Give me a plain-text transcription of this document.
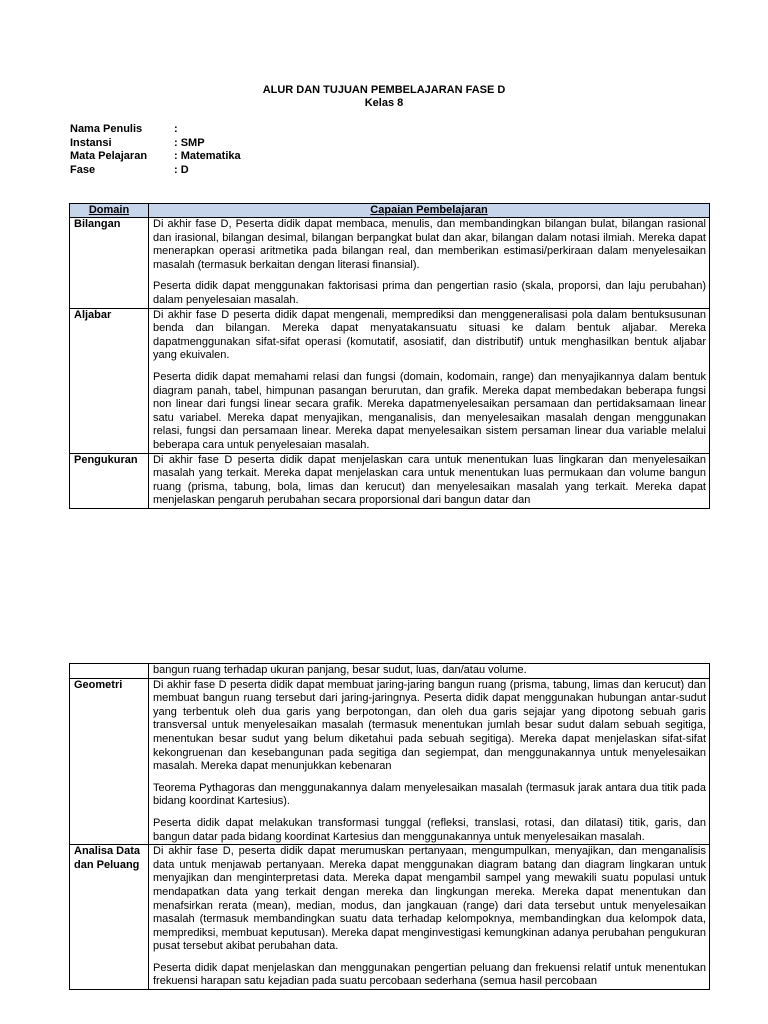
ALUR DAN TUJUAN PEMBELAJARAN FASE D
Kelas 8
Nama Penulis	:
Instansi	: SMP
Mata Pelajaran	: Matematika
Fase	: D
Domain	Capaian Pembelajaran
Bilangan	Di akhir fase D, Peserta didik dapat membaca, menulis, dan membandingkan bilangan bulat, bilangan rasional dan irasional, bilangan desimal, bilangan berpangkat bulat dan akar, bilangan dalam notasi ilmiah. Mereka dapat menerapkan operasi aritmetika pada bilangan real, dan memberikan estimasi/perkiraan dalam menyelesaikan masalah (termasuk berkaitan dengan literasi finansial).

Peserta didik dapat menggunakan faktorisasi prima dan pengertian rasio (skala, proporsi, dan laju perubahan) dalam penyelesaian masalah.

Aljabar	Di akhir fase D peserta didik dapat mengenali, memprediksi dan menggeneralisasi pola dalam bentuksusunan benda dan bilangan. Mereka dapat menyatakansuatu situasi ke dalam bentuk aljabar. Mereka dapatmenggunakan sifat-sifat operasi (komutatif, asosiatif, dan distributif) untuk menghasilkan bentuk aljabar yang ekuivalen.

Peserta didik dapat memahami relasi dan fungsi (domain, kodomain, range) dan menyajikannya dalam bentuk diagram panah, tabel, himpunan pasangan berurutan, dan grafik. Mereka dapat membedakan beberapa fungsi non linear dari fungsi linear secara grafik. Mereka dapatmenyelesaikan persamaan dan pertidaksamaan linear satu variabel. Mereka dapat menyajikan, menganalisis, dan menyelesaikan masalah dengan menggunakan relasi, fungsi dan persamaan linear. Mereka dapat menyelesaikan sistem persaman linear dua variable melalui beberapa cara untuk penyelesaian masalah.

Pengukuran	Di akhir fase D peserta didik dapat menjelaskan cara untuk menentukan luas lingkaran dan menyelesaikan masalah yang terkait. Mereka dapat menjelaskan cara untuk menentukan luas permukaan dan volume bangun ruang (prisma, tabung, bola, limas dan kerucut) dan menyelesaikan masalah yang terkait. Mereka dapat menjelaskan pengaruh perubahan secara proporsional dari bangun datar dan

	bangun ruang terhadap ukuran panjang, besar sudut, luas, dan/atau volume.

Geometri	Di akhir fase D peserta didik dapat membuat jaring-jaring bangun ruang (prisma, tabung, limas dan kerucut) dan membuat bangun ruang tersebut dari jaring-jaringnya. Peserta didik dapat menggunakan hubungan antar-sudut yang terbentuk oleh dua garis yang berpotongan, dan oleh dua garis sejajar yang dipotong sebuah garis transversal untuk menyelesaikan masalah (termasuk menentukan jumlah besar sudut dalam sebuah segitiga, menentukan besar sudut yang belum diketahui pada sebuah segitiga). Mereka dapat menjelaskan sifat-sifat kekongruenan dan kesebangunan pada segitiga dan segiempat, dan menggunakannya untuk menyelesaikan masalah. Mereka dapat menunjukkan kebenaran

Teorema Pythagoras dan menggunakannya dalam menyelesaikan masalah (termasuk jarak antara dua titik pada bidang koordinat Kartesius).

Peserta didik dapat melakukan transformasi tunggal (refleksi, translasi, rotasi, dan dilatasi) titik, garis, dan bangun datar pada bidang koordinat Kartesius dan menggunakannya untuk menyelesaikan masalah.

Analisa Data dan Peluang	Di akhir fase D, peserta didik dapat merumuskan pertanyaan, mengumpulkan, menyajikan, dan menganalisis data untuk menjawab pertanyaan. Mereka dapat menggunakan diagram batang dan diagram lingkaran untuk menyajikan dan menginterpretasi data. Mereka dapat mengambil sampel yang mewakili suatu populasi untuk mendapatkan data yang terkait dengan mereka dan lingkungan mereka. Mereka dapat menentukan dan menafsirkan rerata (mean), median, modus, dan jangkauan (range) dari data tersebut untuk menyelesaikan masalah (termasuk membandingkan suatu data terhadap kelompoknya, membandingkan dua kelompok data, memprediksi, membuat keputusan). Mereka dapat menginvestigasi kemungkinan adanya perubahan pengukuran pusat tersebut akibat perubahan data.

Peserta didik dapat menjelaskan dan menggunakan pengertian peluang dan frekuensi relatif untuk menentukan frekuensi harapan satu kejadian pada suatu percobaan sederhana (semua hasil percobaan
